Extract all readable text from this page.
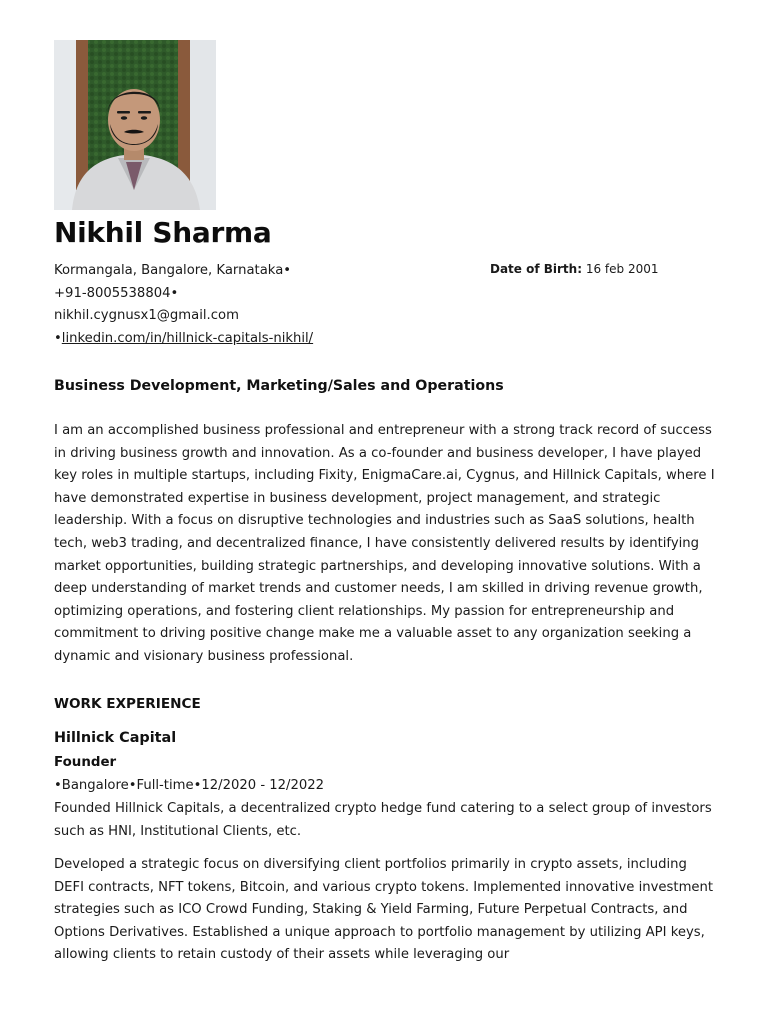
Nikhil Sharma
Kormangala, Bangalore, Karnataka•
+91-8005538804•
nikhil.cygnusx1@gmail.com
•linkedin.com/in/hillnick-capitals-nikhil/
Date of Birth: 16 feb 2001
Business Development, Marketing/Sales and Operations

I am an accomplished business professional and entrepreneur with a strong track record of success in driving business growth and innovation. As a co-founder and business developer, I have played key roles in multiple startups, including Fixity, EnigmaCare.ai, Cygnus, and Hillnick Capitals, where I have demonstrated expertise in business development, project management, and strategic leadership. With a focus on disruptive technologies and industries such as SaaS solutions, health tech, web3 trading, and decentralized finance, I have consistently delivered results by identifying market opportunities, building strategic partnerships, and developing innovative solutions. With a deep understanding of market trends and customer needs, I am skilled in driving revenue growth, optimizing operations, and fostering client relationships. My passion for entrepreneurship and commitment to driving positive change make me a valuable asset to any organization seeking a dynamic and visionary business professional.

WORK EXPERIENCE
Hillnick Capital
Founder
•Bangalore•Full-time•12/2020 - 12/2022

Founded Hillnick Capitals, a decentralized crypto hedge fund catering to a select group of investors such as HNI, Institutional Clients, etc.

Developed a strategic focus on diversifying client portfolios primarily in crypto assets, including DEFI contracts, NFT tokens, Bitcoin, and various crypto tokens. Implemented innovative investment strategies such as ICO Crowd Funding, Staking & Yield Farming, Future Perpetual Contracts, and Options Derivatives. Established a unique approach to portfolio management by utilizing API keys, allowing clients to retain custody of their assets while leveraging our
